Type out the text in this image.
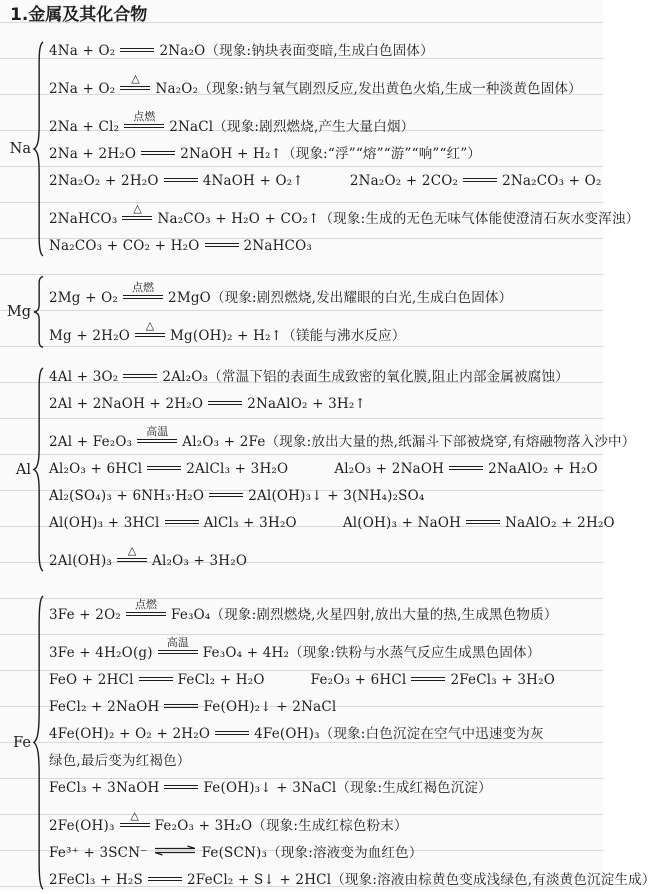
1.金属及其化合物
Na
4Na + O₂	2Na₂O（现象:钠块表面变暗,生成白色固体）
2Na + O₂
△
Na₂O₂（现象:钠与氧气剧烈反应,发出黄色火焰,生成一种淡黄色固体）
2Na + Cl₂
点燃
2NaCl（现象:剧烈燃烧,产生大量白烟）
2Na + 2H₂O	2NaOH + H₂↑（现象:“浮”“熔”“游”“响”“红”）
2Na₂O₂ + 2H₂O	4NaOH + O₂↑	2Na₂O₂ + 2CO₂	2Na₂CO₃ + O₂
2NaHCO₃
△
Na₂CO₃ + H₂O + CO₂↑（现象:生成的无色无味气体能使澄清石灰水变浑浊）
Na₂CO₃ + CO₂ + H₂O	2NaHCO₃
Mg
2Mg + O₂
点燃
2MgO（现象:剧烈燃烧,发出耀眼的白光,生成白色固体）
Mg + 2H₂O
△
Mg(OH)₂ + H₂↑（镁能与沸水反应）
Al
4Al + 3O₂	2Al₂O₃（常温下铝的表面生成致密的氧化膜,阻止内部金属被腐蚀）
2Al + 2NaOH + 2H₂O	2NaAlO₂ + 3H₂↑
2Al + Fe₂O₃
高温
Al₂O₃ + 2Fe（现象:放出大量的热,纸漏斗下部被烧穿,有熔融物落入沙中）
Al₂O₃ + 6HCl	2AlCl₃ + 3H₂O	Al₂O₃ + 2NaOH	2NaAlO₂ + H₂O
Al₂(SO₄)₃ + 6NH₃·H₂O	2Al(OH)₃↓ + 3(NH₄)₂SO₄
Al(OH)₃ + 3HCl	AlCl₃ + 3H₂O	Al(OH)₃ + NaOH	NaAlO₂ + 2H₂O
2Al(OH)₃
△
Al₂O₃ + 3H₂O
Fe
3Fe + 2O₂
点燃
Fe₃O₄（现象:剧烈燃烧,火星四射,放出大量的热,生成黑色物质）
3Fe + 4H₂O(g)
高温
Fe₃O₄ + 4H₂（现象:铁粉与水蒸气反应生成黑色固体）
FeO + 2HCl	FeCl₂ + H₂O	Fe₂O₃ + 6HCl	2FeCl₃ + 3H₂O
FeCl₂ + 2NaOH	Fe(OH)₂↓ + 2NaCl
4Fe(OH)₂ + O₂ + 2H₂O	4Fe(OH)₃（现象:白色沉淀在空气中迅速变为灰绿色,最后变为红褐色）
FeCl₃ + 3NaOH	Fe(OH)₃↓ + 3NaCl（现象:生成红褐色沉淀）
2Fe(OH)₃
△
Fe₂O₃ + 3H₂O（现象:生成红棕色粉末）
Fe³⁺ + 3SCN⁻ ⇌ Fe(SCN)₃（现象:溶液变为血红色）
2FeCl₃ + H₂S	2FeCl₂ + S↓ + 2HCl（现象:溶液由棕黄色变成浅绿色,有淡黄色沉淀生成）
